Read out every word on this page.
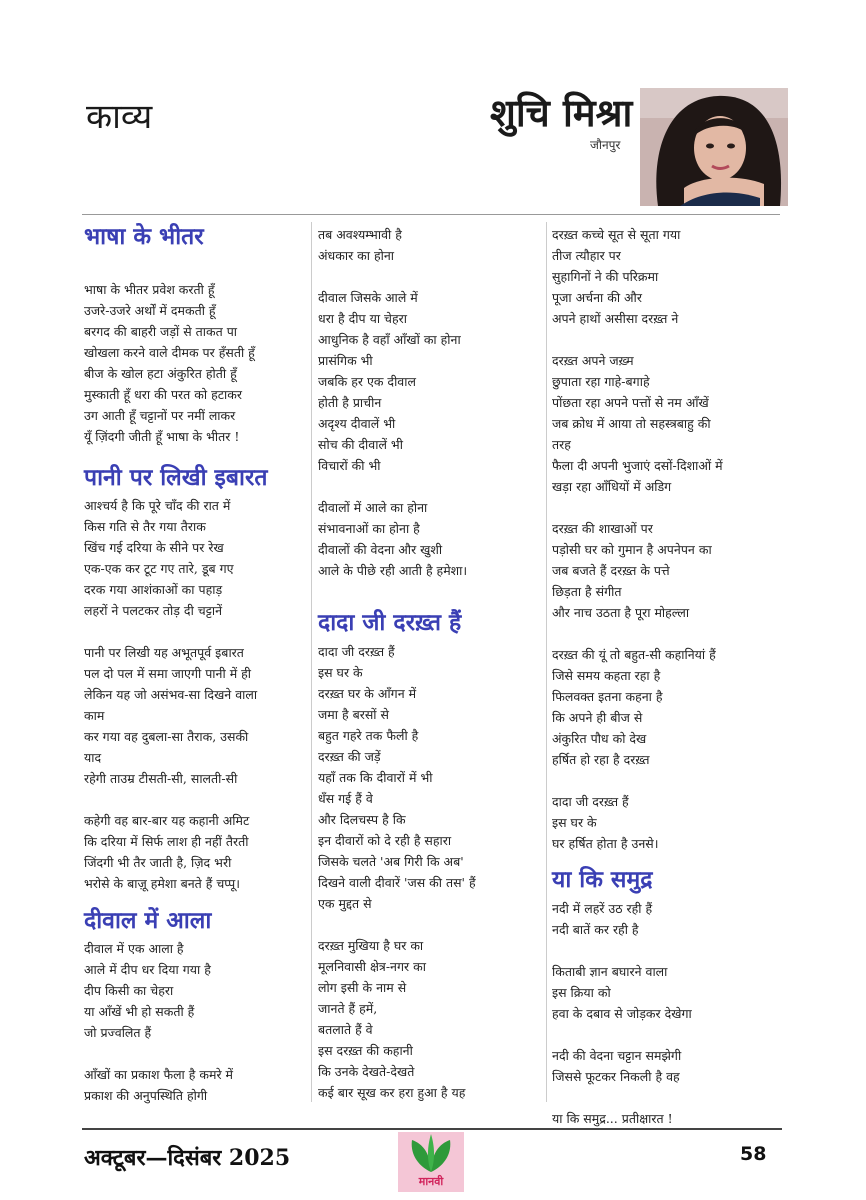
काव्य	शुचि मिश्रा
जौनपुर
भाषा के भीतर
भाषा के भीतर प्रवेश करती हूँ
उजरे-उजरे अर्थों में दमकती हूँ
बरगद की बाहरी जड़ों से ताकत पा
खोखला करने वाले दीमक पर हँसती हूँ
बीज के खोल हटा अंकुरित होती हूँ
मुस्काती हूँ धरा की परत को हटाकर
उग आती हूँ चट्टानों पर नमीं लाकर
यूँ ज़िंदगी जीती हूँ भाषा के भीतर !
पानी पर लिखी इबारत
आश्चर्य है कि पूरे चाँद की रात में
किस गति से तैर गया तैराक
खिंच गई दरिया के सीने पर रेख
एक-एक कर टूट गए तारे, डूब गए
दरक गया आशंकाओं का पहाड़
लहरों ने पलटकर तोड़ दी चट्टानें
पानी पर लिखी यह अभूतपूर्व इबारत
पल दो पल में समा जाएगी पानी में ही
लेकिन यह जो असंभव-सा दिखने वाला
काम
कर गया वह दुबला-सा तैराक, उसकी
याद
रहेगी ताउम्र टीसती-सी, सालती-सी
कहेगी वह बार-बार यह कहानी अमिट
कि दरिया में सिर्फ लाश ही नहीं तैरती
जिंदगी भी तैर जाती है, ज़िद भरी
भरोसे के बाज़ू हमेशा बनते हैं चप्पू।
दीवाल में आला
दीवाल में एक आला है
आले में दीप धर दिया गया है
दीप किसी का चेहरा
या आँखें भी हो सकती हैं
जो प्रज्वलित हैं
आँखों का प्रकाश फैला है कमरे में
प्रकाश की अनुपस्थिति होगी
तब अवश्यम्भावी है
अंधकार का होना
दीवाल जिसके आले में
धरा है दीप या चेहरा
आधुनिक है वहाँ आँखों का होना
प्रासंगिक भी
जबकि हर एक दीवाल
होती है प्राचीन
अदृश्य दीवालें भी
सोच की दीवालें भी
विचारों की भी
दीवालों में आले का होना
संभावनाओं का होना है
दीवालों की वेदना और खुशी
आले के पीछे रही आती है हमेशा।
दादा जी दरख़्त हैं
दादा जी दरख़्त हैं
इस घर के
दरख़्त घर के आँगन में
जमा है बरसों से
बहुत गहरे तक फैली है
दरख़्त की जड़ें
यहाँ तक कि दीवारों में भी
धँस गई हैं वे
और दिलचस्प है कि
इन दीवारों को दे रही है सहारा
जिसके चलते 'अब गिरी कि अब'
दिखने वाली दीवारें 'जस की तस' हैं
एक मुद्दत से
दरख़्त मुखिया है घर का
मूलनिवासी क्षेत्र-नगर का
लोग इसी के नाम से
जानते हैं हमें,
बतलाते हैं वे
इस दरख़्त की कहानी
कि उनके देखते-देखते
कई बार सूख कर हरा हुआ है यह
दरख़्त कच्चे सूत से सूता गया
तीज त्यौहार पर
सुहागिनों ने की परिक्रमा
पूजा अर्चना की और
अपने हाथों असीसा दरख़्त ने
दरख़्त अपने जख़्म
छुपाता रहा गाहे-बगाहे
पोंछता रहा अपने पत्तों से नम आँखें
जब क्रोध में आया तो सहस्त्रबाहु की
तरह
फैला दी अपनी भुजाएं दसों-दिशाओं में
खड़ा रहा आँधियों में अडिग
दरख़्त की शाखाओं पर
पड़ोसी घर को गुमान है अपनेपन का
जब बजते हैं दरख़्त के पत्ते
छिड़ता है संगीत
और नाच उठता है पूरा मोहल्ला
दरख़्त की यूं तो बहुत-सी कहानियां हैं
जिसे समय कहता रहा है
फिलवक्त इतना कहना है
कि अपने ही बीज से
अंकुरित पौध को देख
हर्षित हो रहा है दरख़्त
दादा जी दरख़्त हैं
इस घर के
घर हर्षित होता है उनसे।
या कि समुद्र
नदी में लहरें उठ रही हैं
नदी बातें कर रही है
किताबी ज्ञान बघारने वाला
इस क्रिया को
हवा के दबाव से जोड़कर देखेगा
नदी की वेदना चट्टान समझेगी
जिससे फूटकर निकली है वह
या कि समुद्र... प्रतीक्षारत !
अक्टूबर—दिसंबर 2025
मानवी
58
